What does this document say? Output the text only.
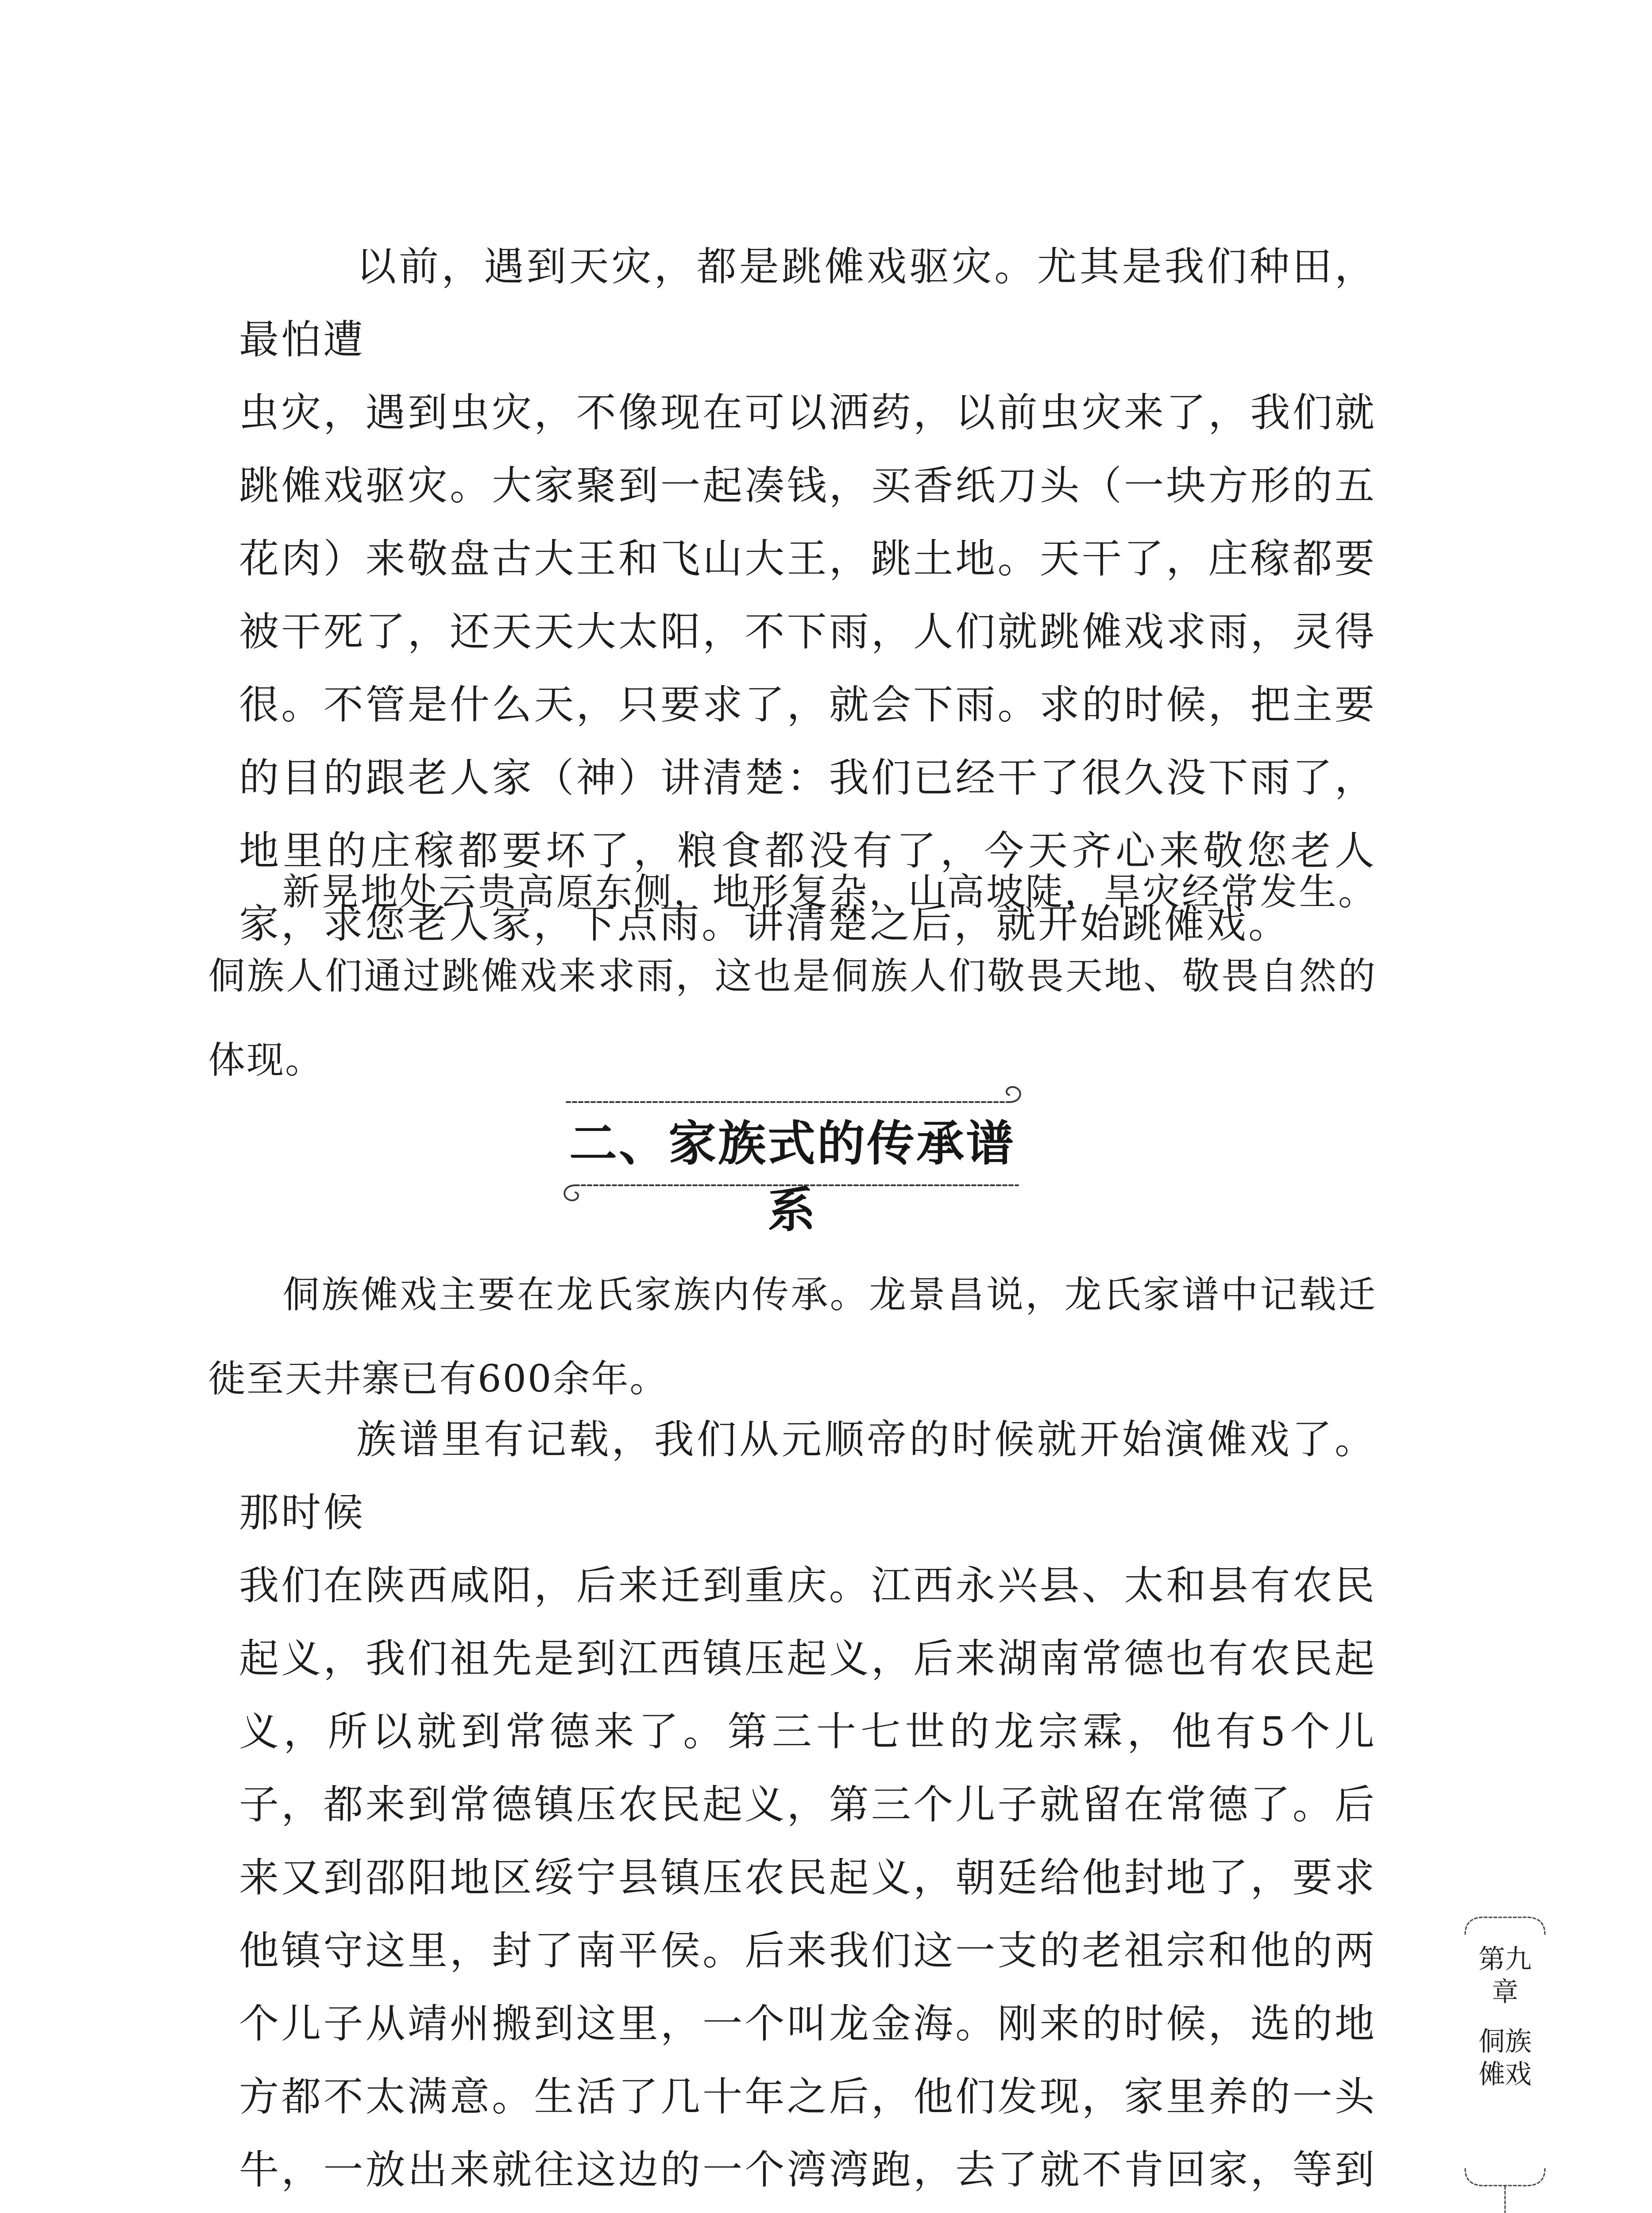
以前，遇到天灾，都是跳傩戏驱灾。尤其是我们种田，最怕遭
虫灾，遇到虫灾，不像现在可以洒药，以前虫灾来了，我们就跳傩戏驱灾。大家聚到一起凑钱，买香纸刀头（一块方形的五花肉）来敬盘古大王和飞山大王，跳土地。天干了，庄稼都要被干死了，还天天大太阳，不下雨，人们就跳傩戏求雨，灵得很。不管是什么天，只要求了，就会下雨。求的时候，把主要的目的跟老人家（神）讲清楚：我们已经干了很久没下雨了，地里的庄稼都要坏了，粮食都没有了，今天齐心来敬您老人家，求您老人家，下点雨。讲清楚之后，就开始跳傩戏。

新晃地处云贵高原东侧，地形复杂，山高坡陡，旱灾经常发生。侗族人们通过跳傩戏来求雨，这也是侗族人们敬畏天地、敬畏自然的体现。

二、家族式的传承谱系

侗族傩戏主要在龙氏家族内传承。龙景昌说，龙氏家谱中记载迁徙至天井寨已有600余年。

族谱里有记载，我们从元顺帝的时候就开始演傩戏了。那时候
我们在陕西咸阳，后来迁到重庆。江西永兴县、太和县有农民起义，我们祖先是到江西镇压起义，后来湖南常德也有农民起义，所以就到常德来了。第三十七世的龙宗霖，他有5个儿子，都来到常德镇压农民起义，第三个儿子就留在常德了。后来又到邵阳地区绥宁县镇压农民起义，朝廷给他封地了，要求他镇守这里，封了南平侯。后来我们这一支的老祖宗和他的两个儿子从靖州搬到这里，一个叫龙金海。刚来的时候，选的地方都不太满意。生活了几十年之后，他们发现，家里养的一头牛，一放出来就往这边的一个湾湾跑，去了就不肯回家，等到
第九章
侗族傩戏
